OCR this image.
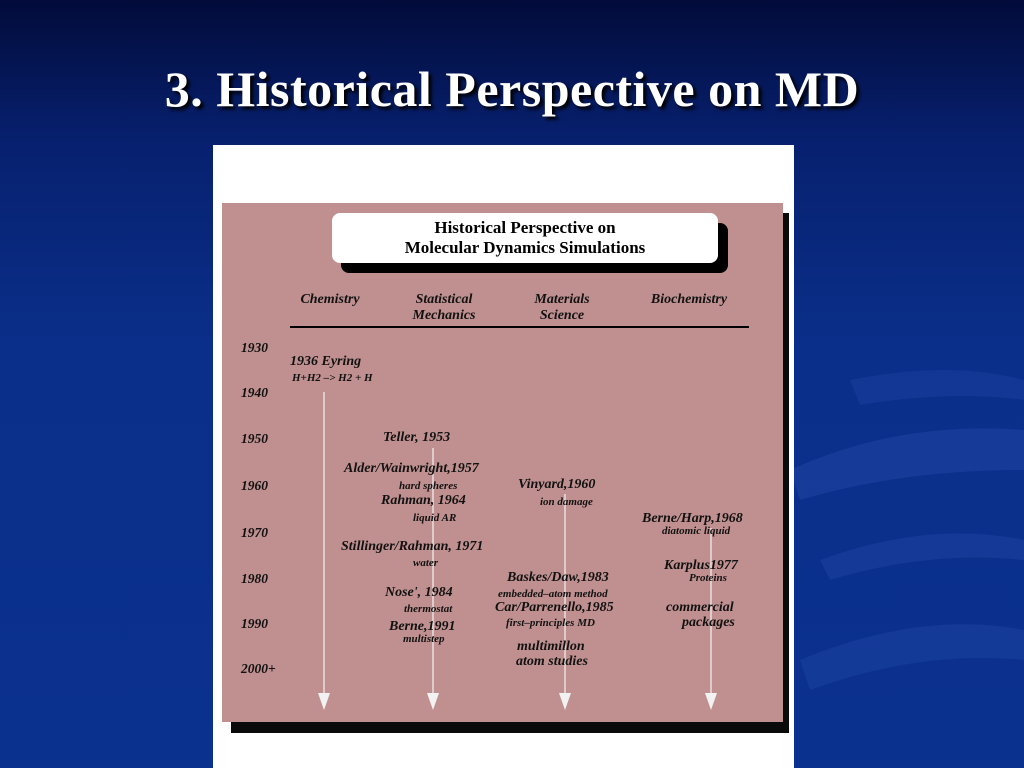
3. Historical Perspective on MD
Historical Perspective on
Molecular Dynamics Simulations
Chemistry	Statistical
Mechanics
Materials
Science
Biochemistry
1930
1940
1950
1960
1970
1980
1990
2000+
1936 Eyring
H+H2 –> H2 + H
Teller, 1953
Alder/Wainwright,1957
hard spheres
Rahman, 1964
liquid AR
Stillinger/Rahman, 1971
water
Nose', 1984
thermostat
Berne,1991
multistep
Vinyard,1960
ion damage
Baskes/Daw,1983
embedded–atom method
Car/Parrenello,1985
first–principles MD
multimillon
atom studies
Berne/Harp,1968
diatomic liquid
Karplus1977
Proteins
commercial
packages
